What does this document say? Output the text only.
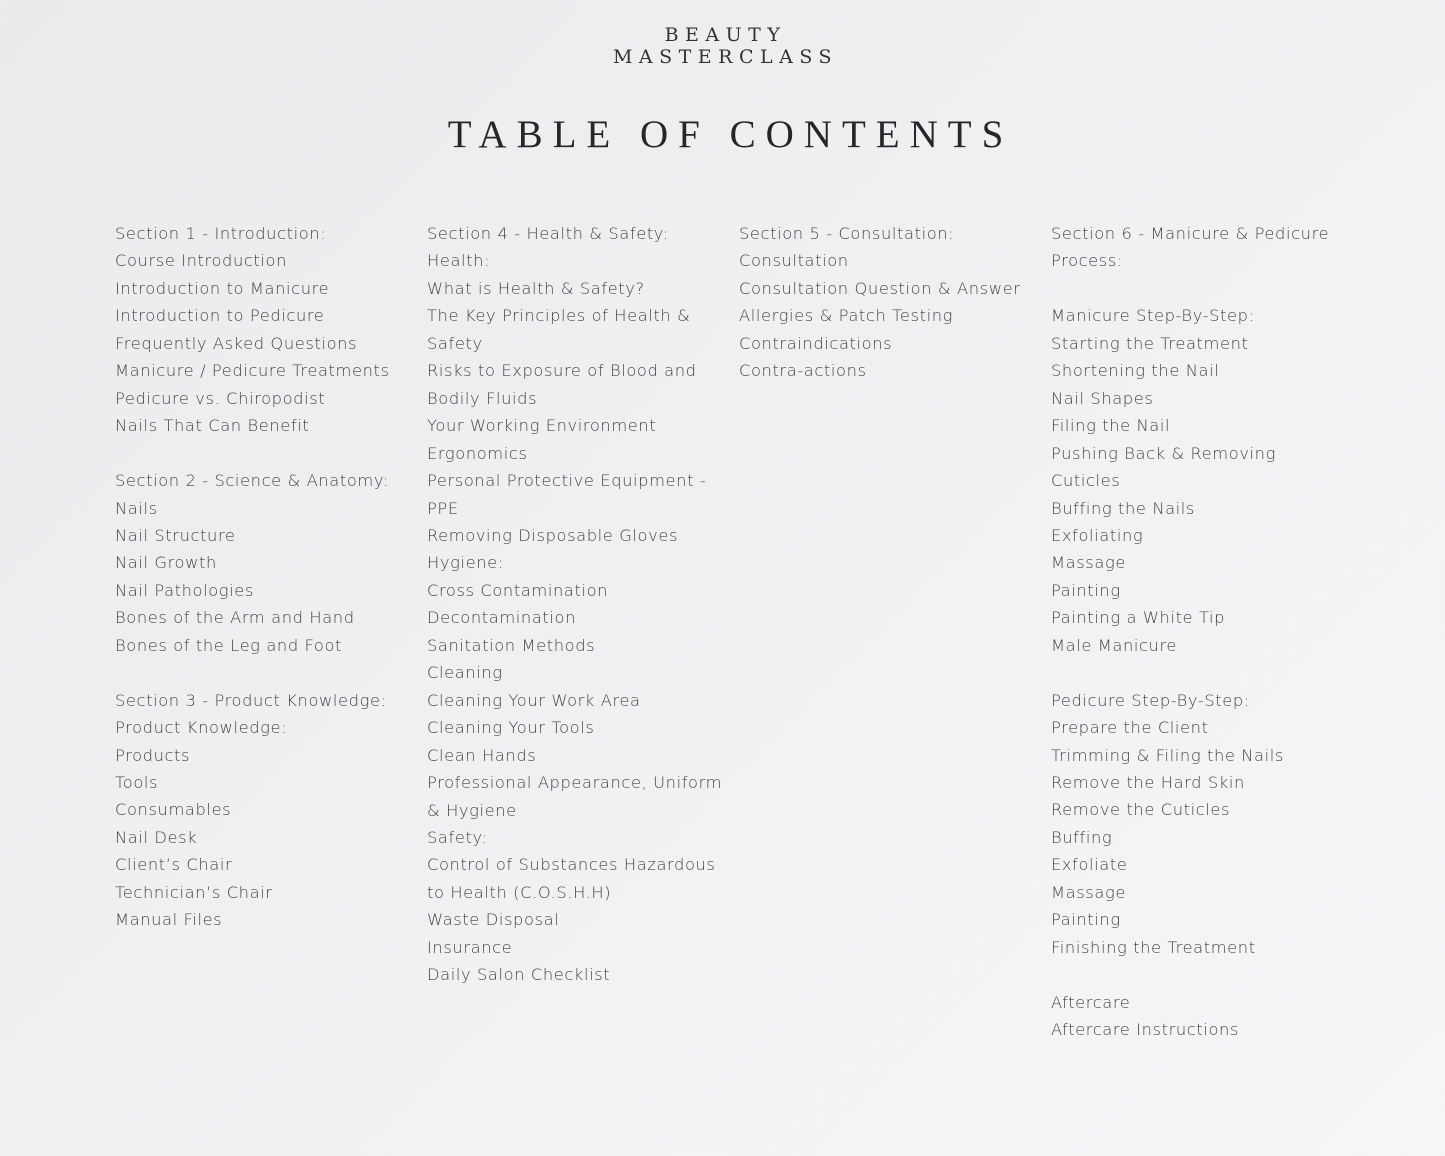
BEAUTY
MASTERCLASS
TABLE OF CONTENTS
Section 1 - Introduction:
Course Introduction
Introduction to Manicure
Introduction to Pedicure
Frequently Asked Questions
Manicure / Pedicure Treatments
Pedicure vs. Chiropodist
Nails That Can Benefit
Section 2 - Science & Anatomy:
Nails
Nail Structure
Nail Growth
Nail Pathologies
Bones of the Arm and Hand
Bones of the Leg and Foot
Section 3 - Product Knowledge:
Product Knowledge:
Products
Tools
Consumables
Nail Desk
Client’s Chair
Technician’s Chair
Manual Files
Section 4 - Health & Safety:
Health:
What is Health & Safety?
The Key Principles of Health &
Safety
Risks to Exposure of Blood and
Bodily Fluids
Your Working Environment
Ergonomics
Personal Protective Equipment -
PPE
Removing Disposable Gloves
Hygiene:
Cross Contamination
Decontamination
Sanitation Methods
Cleaning
Cleaning Your Work Area
Cleaning Your Tools
Clean Hands
Professional Appearance, Uniform
& Hygiene
Safety:
Control of Substances Hazardous
to Health (C.O.S.H.H)
Waste Disposal
Insurance
Daily Salon Checklist
Section 5 - Consultation:
Consultation
Consultation Question & Answer
Allergies & Patch Testing
Contraindications
Contra-actions
Section 6 - Manicure & Pedicure
Process:
Manicure Step-By-Step:
Starting the Treatment
Shortening the Nail
Nail Shapes
Filing the Nail
Pushing Back & Removing
Cuticles
Buffing the Nails
Exfoliating
Massage
Painting
Painting a White Tip
Male Manicure
Pedicure Step-By-Step:
Prepare the Client
Trimming & Filing the Nails
Remove the Hard Skin
Remove the Cuticles
Buffing
Exfoliate
Massage
Painting
Finishing the Treatment
Aftercare
Aftercare Instructions
